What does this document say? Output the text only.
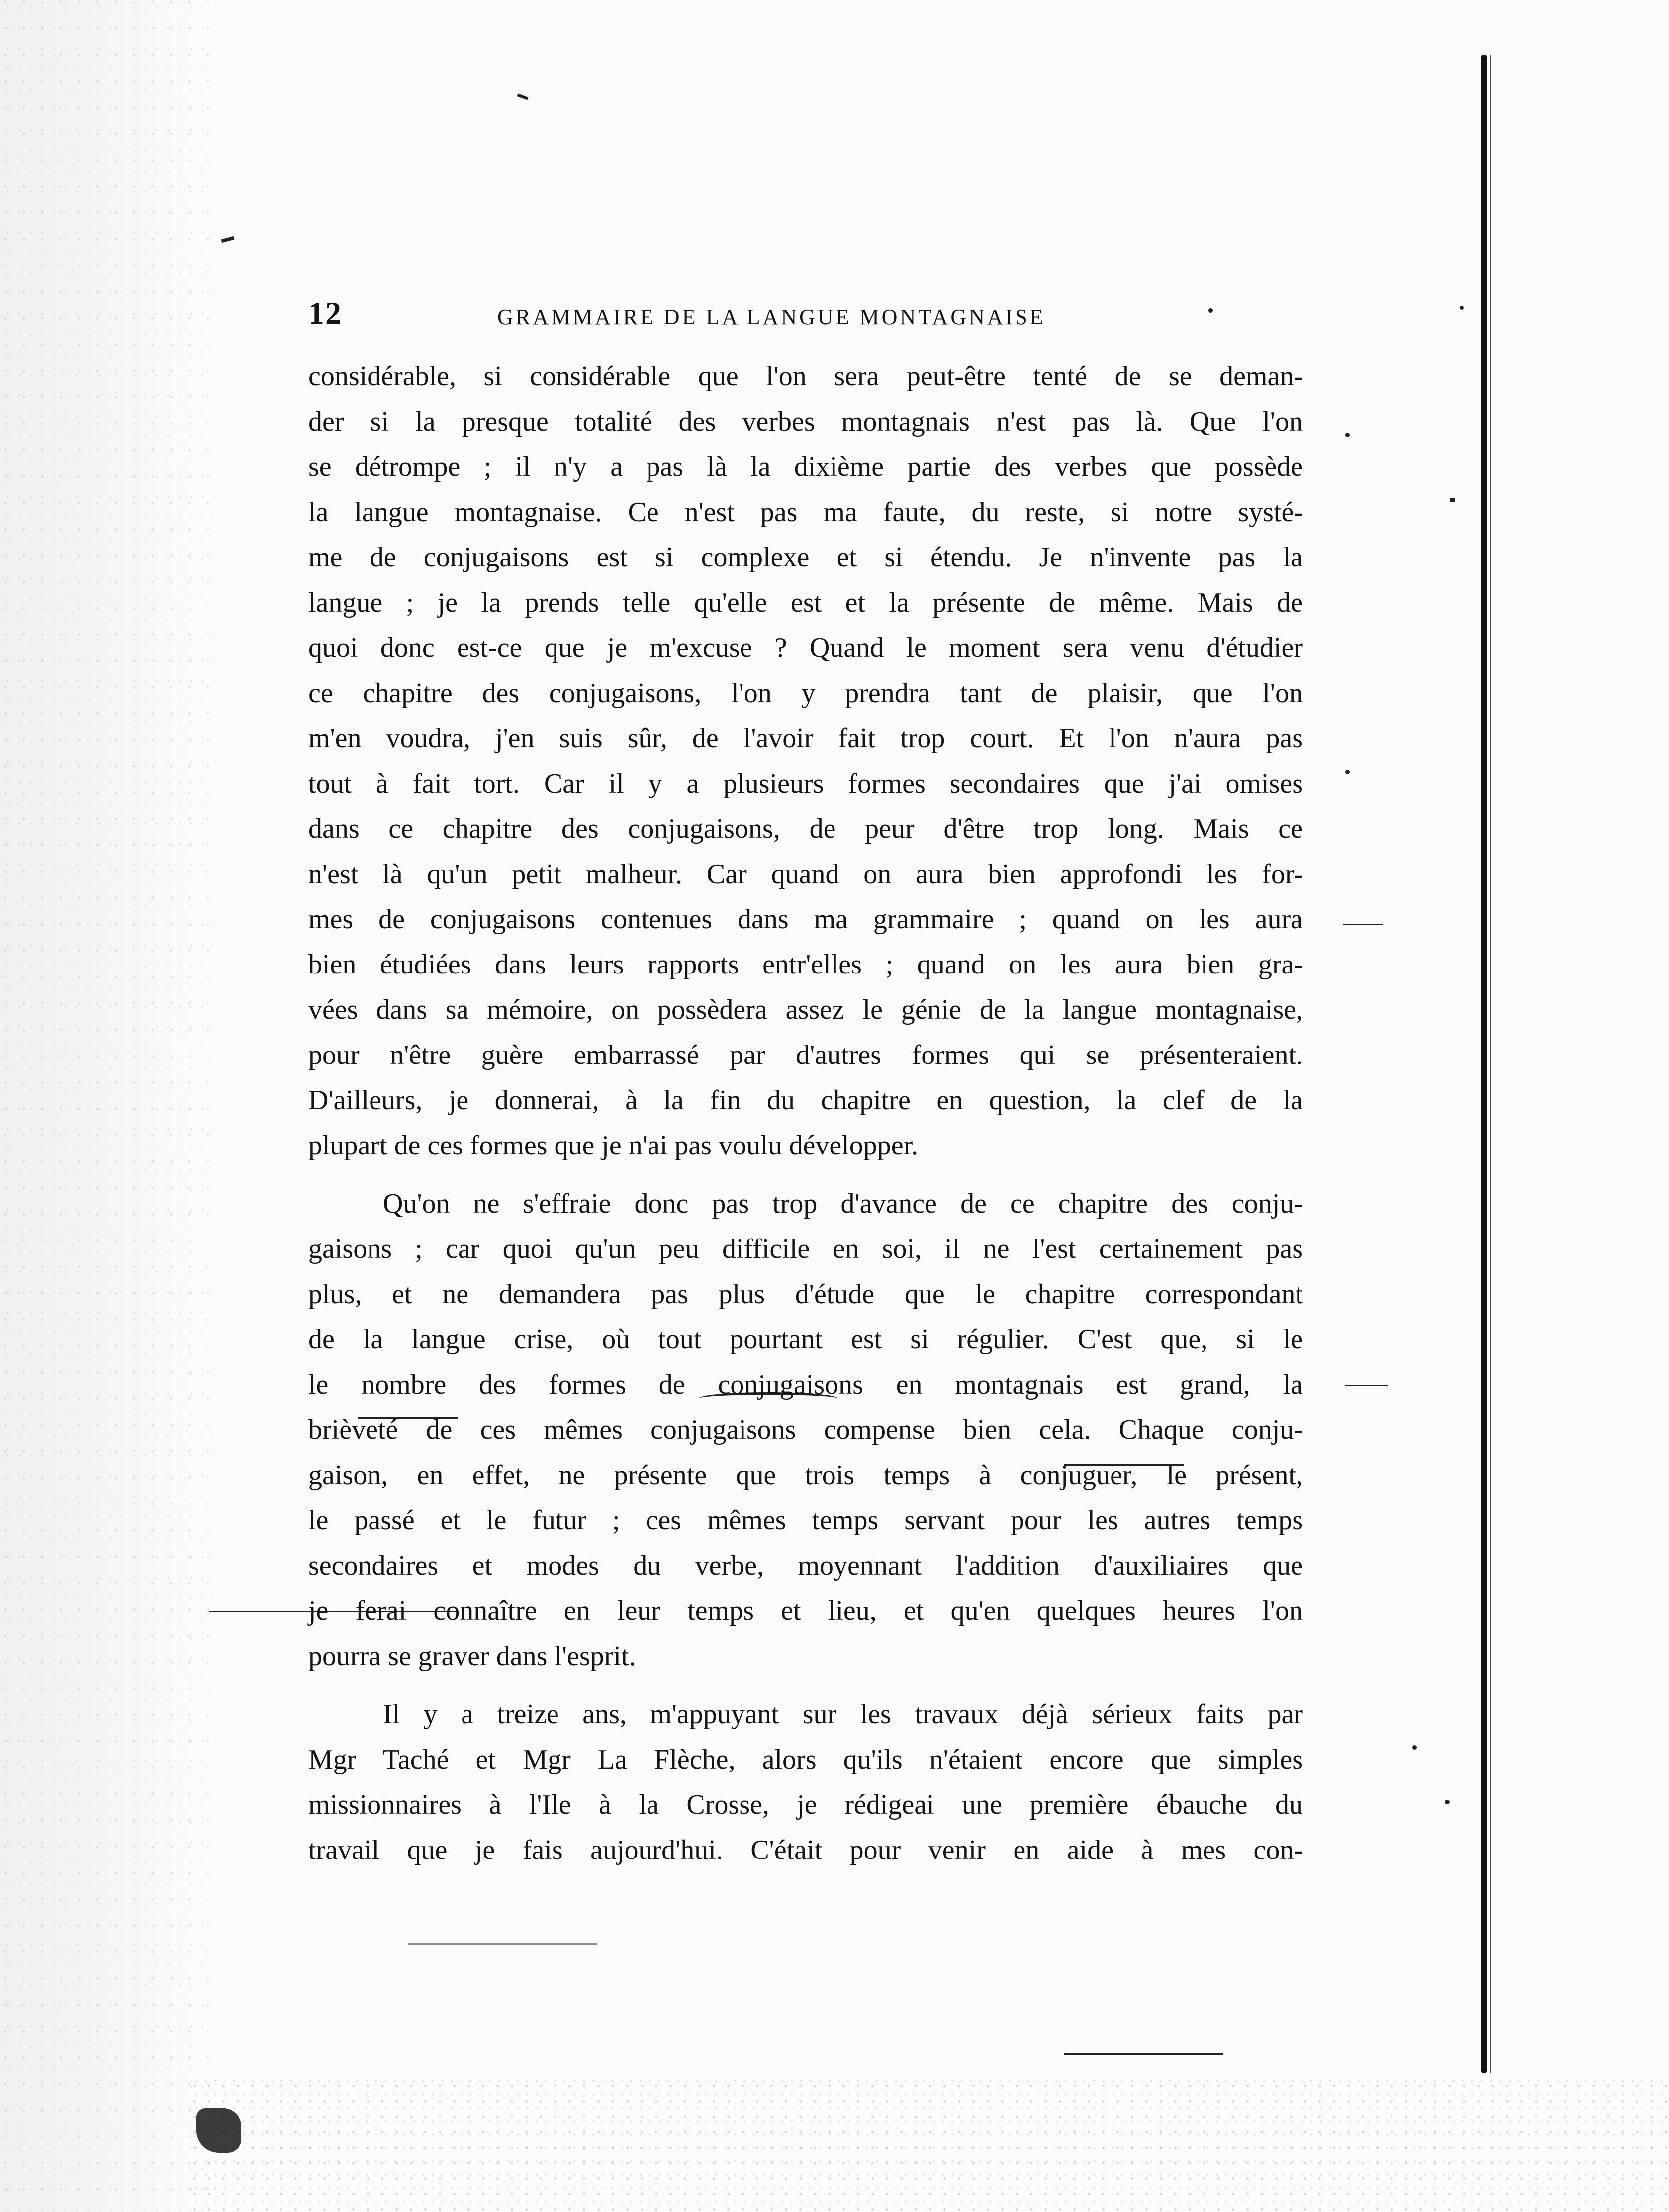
12	GRAMMAIRE DE LA LANGUE MONTAGNAISE
considérable, si considérable que l'on sera peut-être tenté de se deman-
der si la presque totalité des verbes montagnais n'est pas là. Que l'on
se détrompe ; il n'y a pas là la dixième partie des verbes que possède
la langue montagnaise. Ce n'est pas ma faute, du reste, si notre systé-
me de conjugaisons est si complexe et si étendu. Je n'invente pas la
langue ; je la prends telle qu'elle est et la présente de même. Mais de
quoi donc est-ce que je m'excuse ? Quand le moment sera venu d'étudier
ce chapitre des conjugaisons, l'on y prendra tant de plaisir, que l'on
m'en voudra, j'en suis sûr, de l'avoir fait trop court. Et l'on n'aura pas
tout à fait tort. Car il y a plusieurs formes secondaires que j'ai omises
dans ce chapitre des conjugaisons, de peur d'être trop long. Mais ce
n'est là qu'un petit malheur. Car quand on aura bien approfondi les for-
mes de conjugaisons contenues dans ma grammaire ; quand on les aura
bien étudiées dans leurs rapports entr'elles ; quand on les aura bien gra-
vées dans sa mémoire, on possèdera assez le génie de la langue montagnaise,
pour n'être guère embarrassé par d'autres formes qui se présenteraient.
D'ailleurs, je donnerai, à la fin du chapitre en question, la clef de la
plupart de ces formes que je n'ai pas voulu développer.
Qu'on ne s'effraie donc pas trop d'avance de ce chapitre des conju-
gaisons ; car quoi qu'un peu difficile en soi, il ne l'est certainement pas
plus, et ne demandera pas plus d'étude que le chapitre correspondant
de la langue crise, où tout pourtant est si régulier. C'est que, si le
le nombre des formes de conjugaisons en montagnais est grand, la
brièveté de ces mêmes conjugaisons compense bien cela. Chaque conju-
gaison, en effet, ne présente que trois temps à conjuguer, le présent,
le passé et le futur ; ces mêmes temps servant pour les autres temps
secondaires et modes du verbe, moyennant l'addition d'auxiliaires que
je ferai connaître en leur temps et lieu, et qu'en quelques heures l'on
pourra se graver dans l'esprit.
Il y a treize ans, m'appuyant sur les travaux déjà sérieux faits par
Mgr Taché et Mgr La Flèche, alors qu'ils n'étaient encore que simples
missionnaires à l'Ile à la Crosse, je rédigeai une première ébauche du
travail que je fais aujourd'hui. C'était pour venir en aide à mes con-
